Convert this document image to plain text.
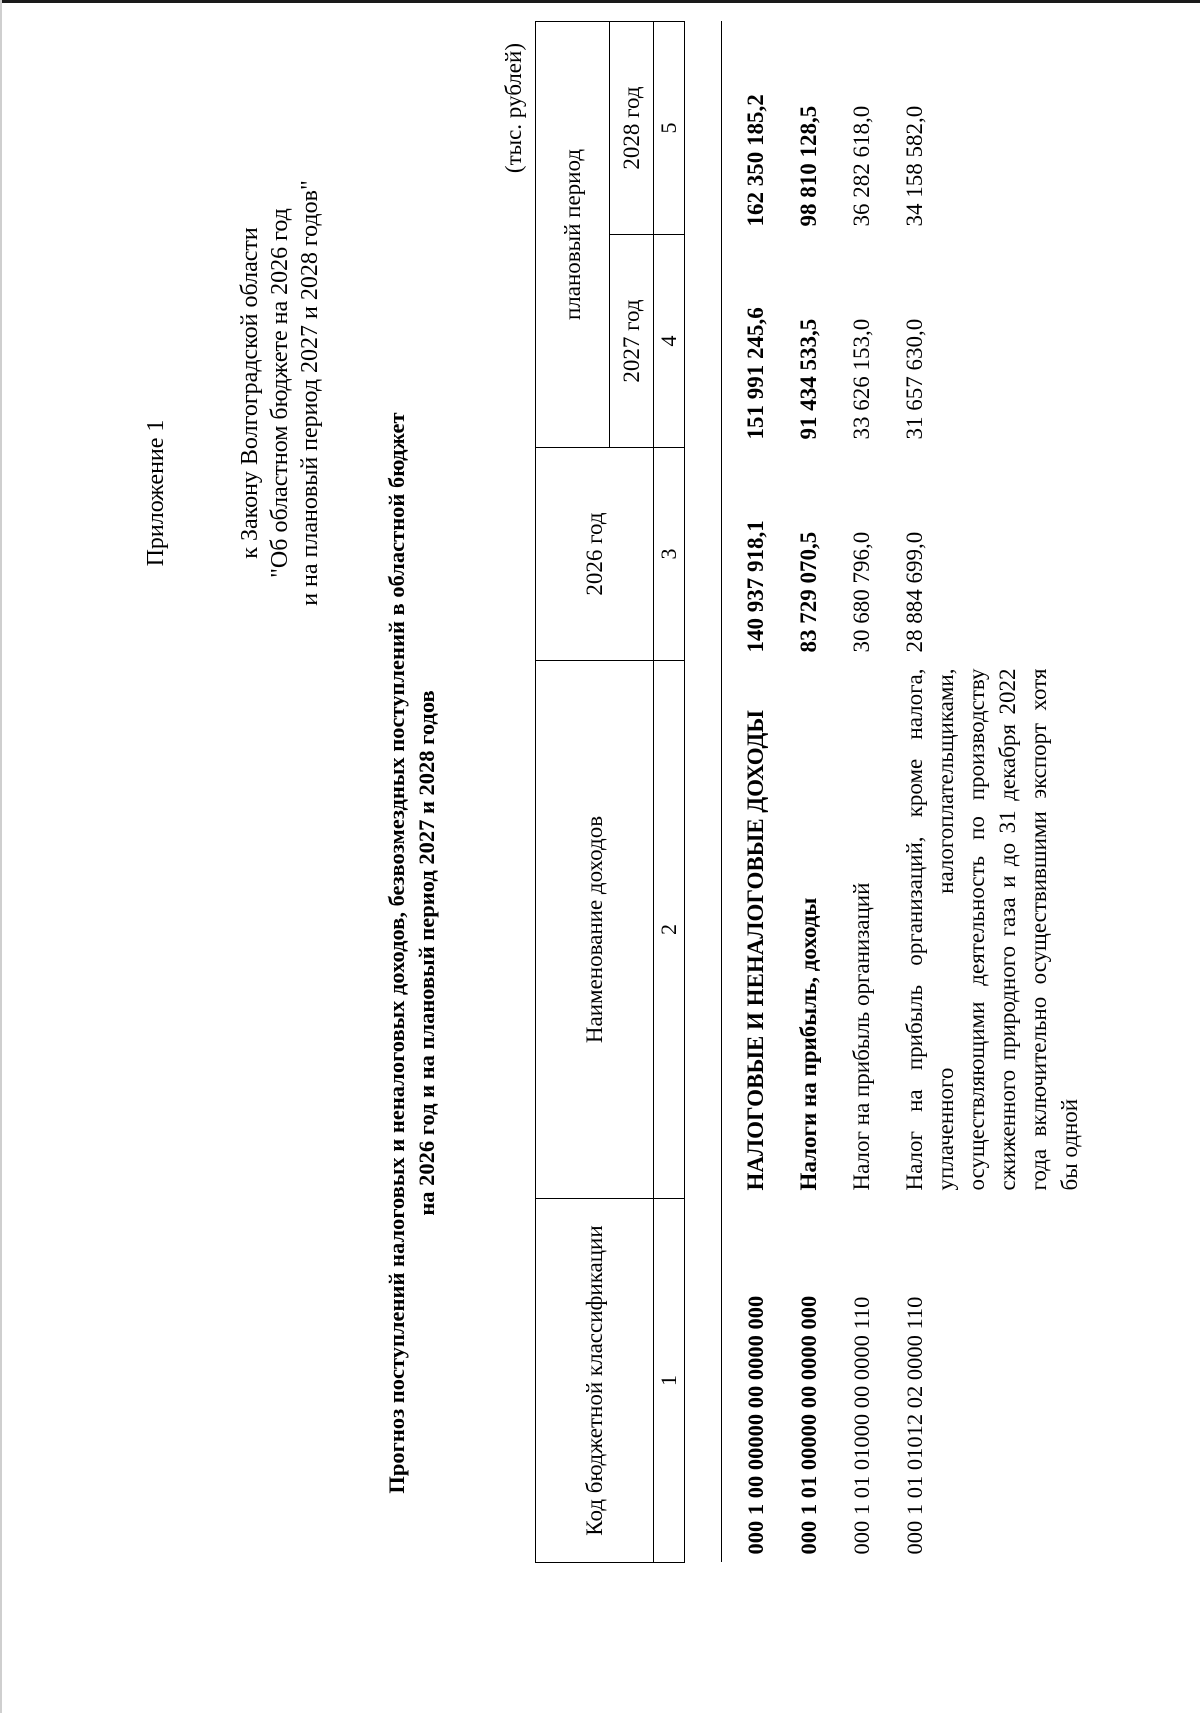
Приложение 1	к Закону Волгоградской области "Об областном бюджете на 2026 год и на плановый период 2027 и 2028 годов"
Прогноз поступлений налоговых и неналоговых доходов, безвозмездных поступлений в областной бюджет на 2026 год и на плановый период 2027 и 2028 годов
(тыс. рублей)
Код бюджетной классификации	Наименование доходов	2026 год	плановый период	
			2027 год	2028 год
1	2	3	4	5

000 1 00 00000 00 0000 000	НАЛОГОВЫЕ И НЕНАЛОГОВЫЕ ДОХОДЫ	140 937 918,1	151 991 245,6	162 350 185,2
000 1 01 00000 00 0000 000	Налоги на прибыль, доходы	83 729 070,5	91 434 533,5	98 810 128,5
000 1 01 01000 00 0000 110	Налог на прибыль организаций	30 680 796,0	33 626 153,0	36 282 618,0
000 1 01 01012 02 0000 110	Налог на прибыль организаций, кроме налога, уплаченного налогоплательщиками, осуществляющими деятельность по производству сжиженного природного газа и до 31 декабря 2022 года включительно осуществившими экспорт хотя бы одной	28 884 699,0	31 657 630,0	34 158 582,0
